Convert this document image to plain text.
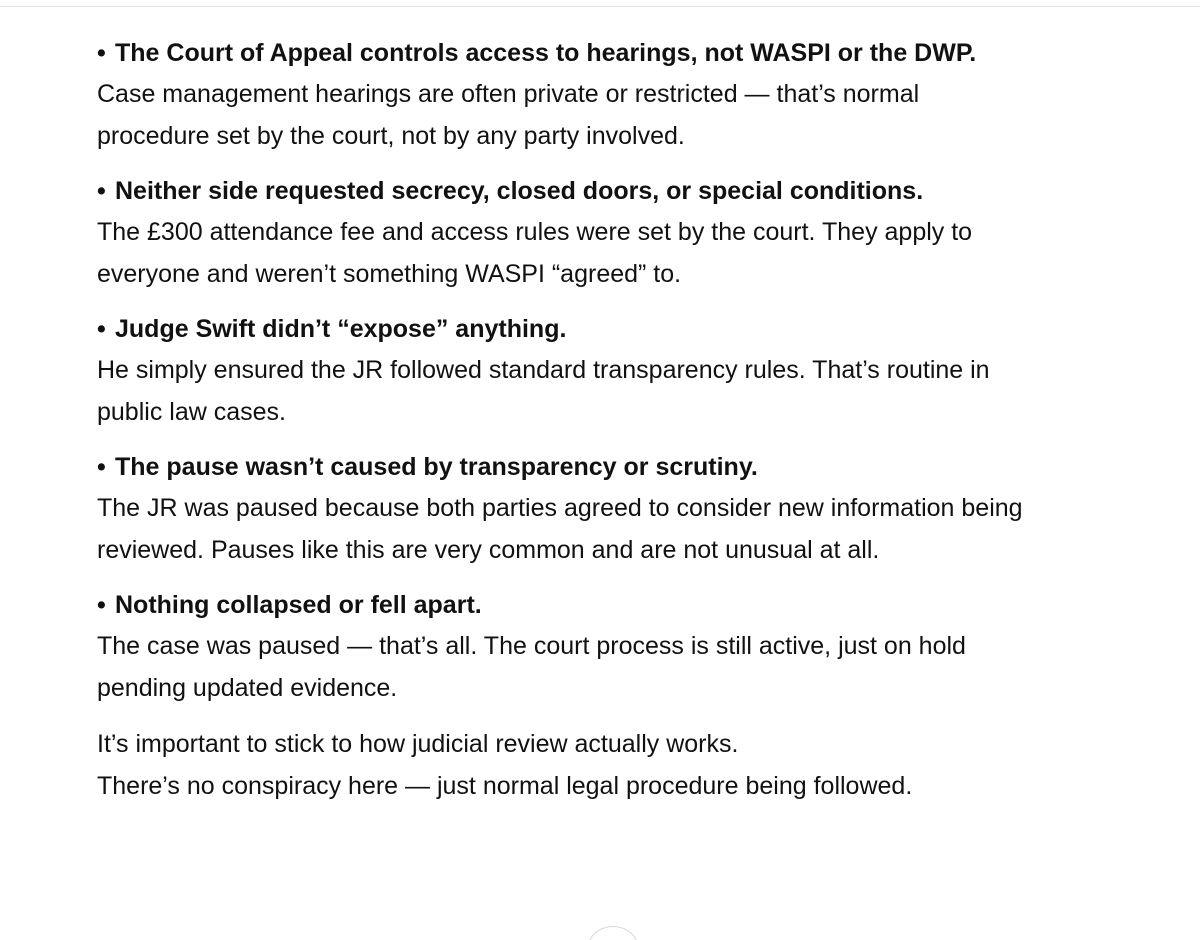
• The Court of Appeal controls access to hearings, not WASPI or the DWP.

Case management hearings are often private or restricted — that’s normal
procedure set by the court, not by any party involved.

• Neither side requested secrecy, closed doors, or special conditions.

The £300 attendance fee and access rules were set by the court. They apply to
everyone and weren’t something WASPI “agreed” to.

• Judge Swift didn’t “expose” anything.

He simply ensured the JR followed standard transparency rules. That’s routine in
public law cases.

• The pause wasn’t caused by transparency or scrutiny.

The JR was paused because both parties agreed to consider new information being
reviewed. Pauses like this are very common and are not unusual at all.

• Nothing collapsed or fell apart.

The case was paused — that’s all. The court process is still active, just on hold
pending updated evidence.

It’s important to stick to how judicial review actually works.
There’s no conspiracy here — just normal legal procedure being followed.
